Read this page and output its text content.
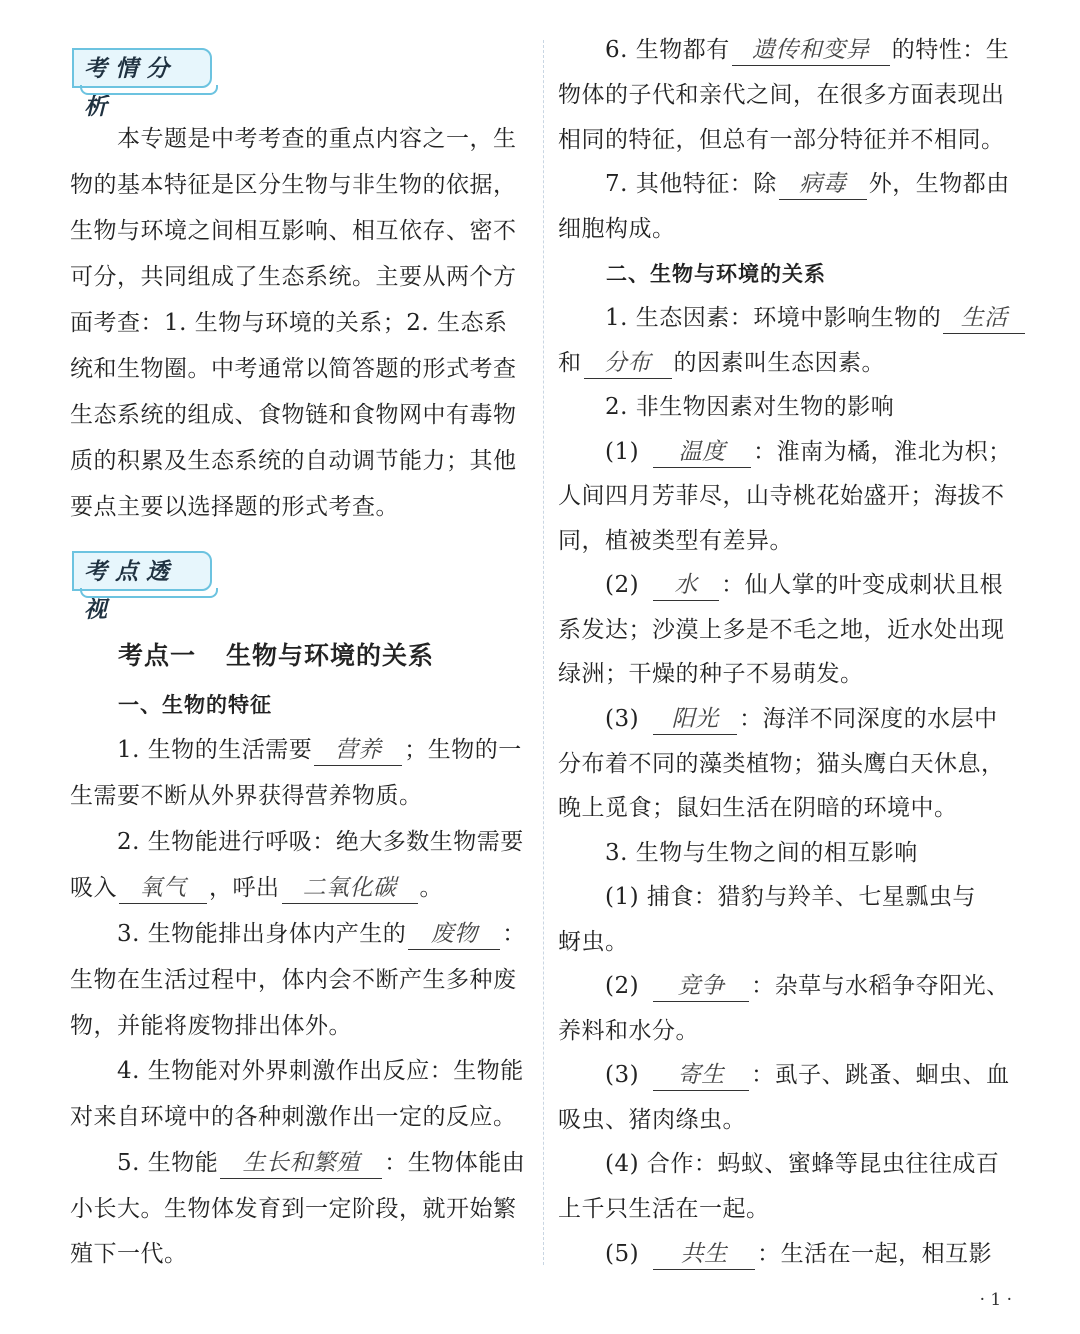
考情分析
本专题是中考考查的重点内容之一，生
物的基本特征是区分生物与非生物的依据，
生物与环境之间相互影响、相互依存、密不
可分，共同组成了生态系统。主要从两个方
面考查：1. 生物与环境的关系；2. 生态系
统和生物圈。中考通常以简答题的形式考查
生态系统的组成、食物链和食物网中有毒物
质的积累及生态系统的自动调节能力；其他
要点主要以选择题的形式考查。
考点透视
考点一 生物与环境的关系
一、生物的特征
1. 生物的生活需要 营养 ；生物的一
生需要不断从外界获得营养物质。
2. 生物能进行呼吸：绝大多数生物需要
吸入 氧气 ，呼出 二氧化碳 。
3. 生物能排出身体内产生的 废物 ：
生物在生活过程中，体内会不断产生多种废
物，并能将废物排出体外。
4. 生物能对外界刺激作出反应：生物能
对来自环境中的各种刺激作出一定的反应。
5. 生物能 生长和繁殖 ：生物体能由
小长大。生物体发育到一定阶段，就开始繁
殖下一代。
6. 生物都有 遗传和变异 的特性：生
物体的子代和亲代之间，在很多方面表现出
相同的特征，但总有一部分特征并不相同。
7. 其他特征：除 病毒 外，生物都由
细胞构成。
二、生物与环境的关系
1. 生态因素：环境中影响生物的 生活
和 分布 的因素叫生态因素。
2. 非生物因素对生物的影响
(1) 温度 ：淮南为橘，淮北为枳；
人间四月芳菲尽，山寺桃花始盛开；海拔不
同，植被类型有差异。
(2) 水 ：仙人掌的叶变成刺状且根
系发达；沙漠上多是不毛之地，近水处出现
绿洲；干燥的种子不易萌发。
(3) 阳光 ：海洋不同深度的水层中
分布着不同的藻类植物；猫头鹰白天休息，
晚上觅食；鼠妇生活在阴暗的环境中。
3. 生物与生物之间的相互影响
(1) 捕食：猎豹与羚羊、七星瓢虫与
蚜虫。
(2) 竞争 ：杂草与水稻争夺阳光、
养料和水分。
(3) 寄生 ：虱子、跳蚤、蛔虫、血
吸虫、猪肉绦虫。
(4) 合作：蚂蚁、蜜蜂等昆虫往往成百
上千只生活在一起。
(5) 共生 ：生活在一起，相互影
· 1 ·
